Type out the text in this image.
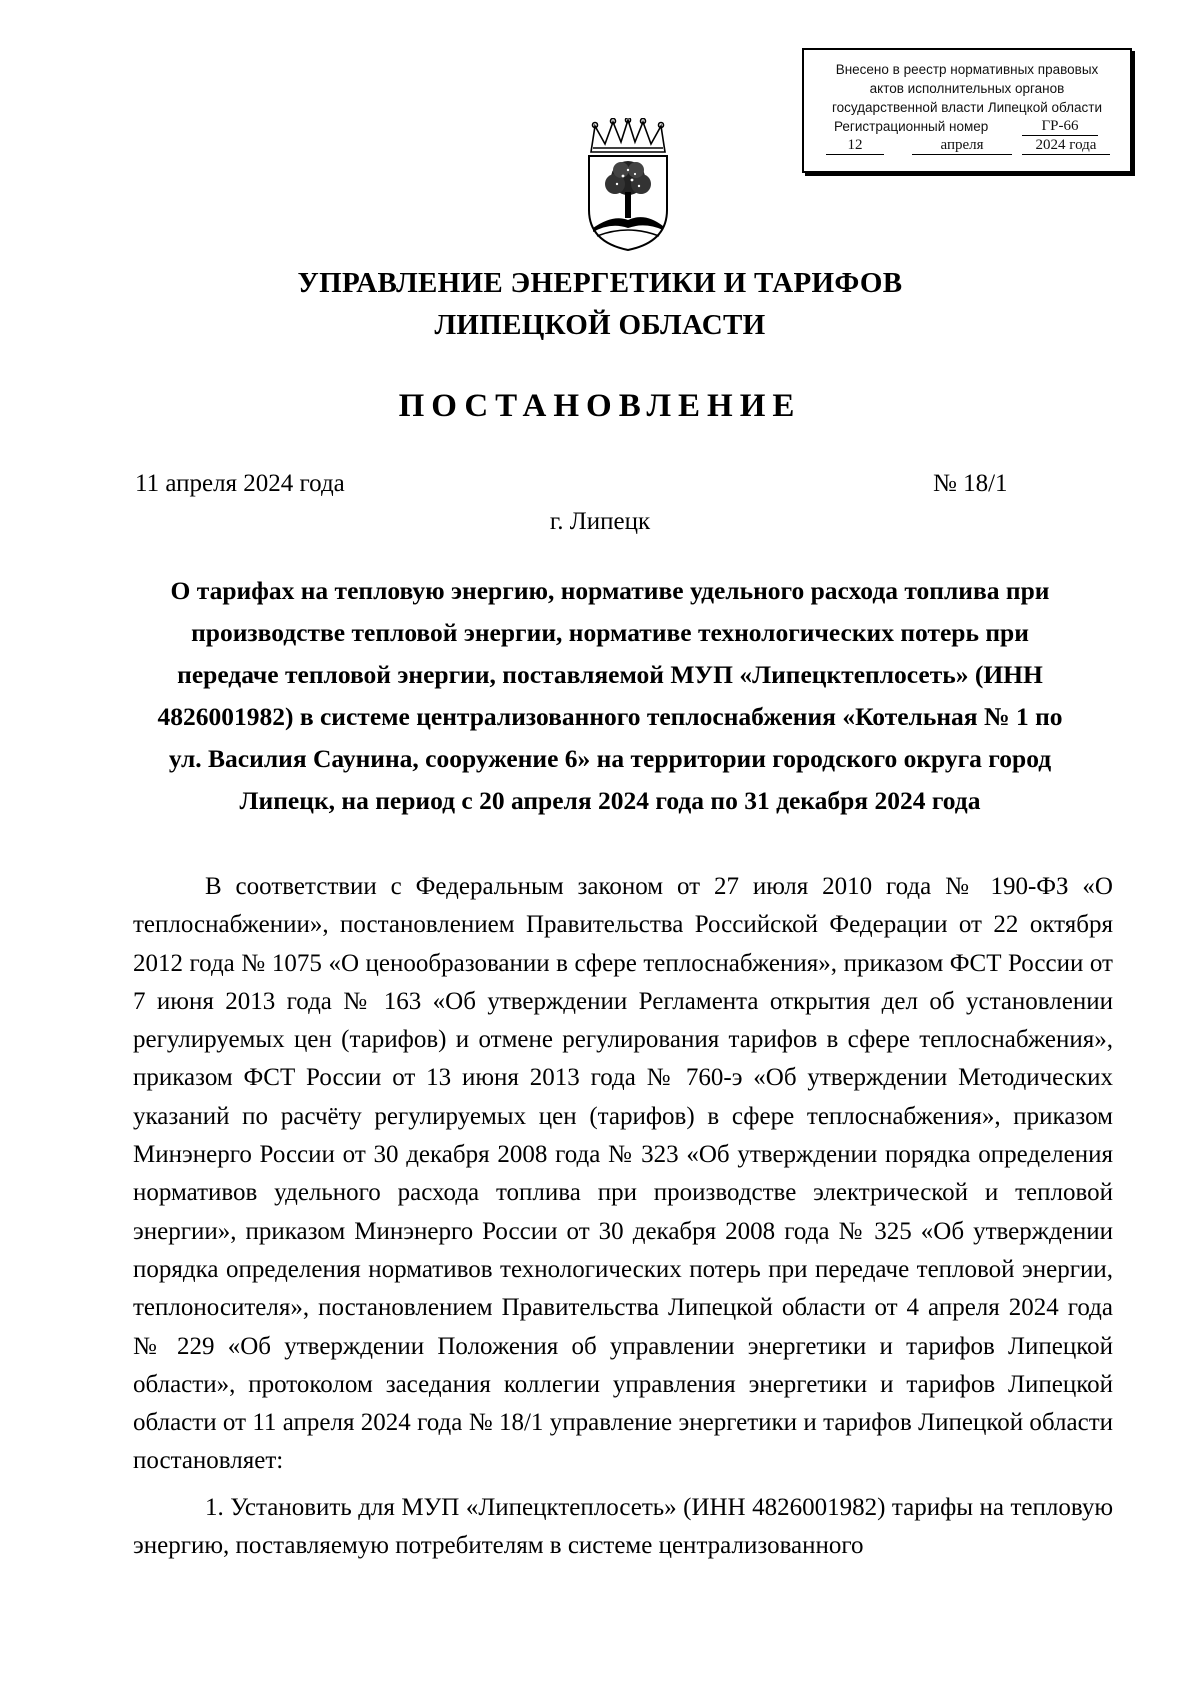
Внесено в реестр нормативных правовых
актов исполнительных органов
государственной власти Липецкой области
Регистрационный номер	ГР-66
12	апреля	2024 года
УПРАВЛЕНИЕ ЭНЕРГЕТИКИ И ТАРИФОВ
ЛИПЕЦКОЙ ОБЛАСТИ
ПОСТАНОВЛЕНИЕ
11 апреля 2024 года	№ 18/1
г. Липецк

О тарифах на тепловую энергию, нормативе удельного расхода топлива при производстве тепловой энергии, нормативе технологических потерь при передаче тепловой энергии, поставляемой МУП «Липецктеплосеть» (ИНН 4826001982) в системе централизованного теплоснабжения «Котельная № 1 по ул. Василия Саунина, сооружение 6» на территории городского округа город Липецк, на период с 20 апреля 2024 года по 31 декабря 2024 года

В соответствии с Федеральным законом от 27 июля 2010 года № 190-ФЗ «О теплоснабжении», постановлением Правительства Российской Федерации от 22 октября 2012 года № 1075 «О ценообразовании в сфере теплоснабжения», приказом ФСТ России от 7 июня 2013 года № 163 «Об утверждении Регламента открытия дел об установлении регулируемых цен (тарифов) и отмене регулирования тарифов в сфере теплоснабжения», приказом ФСТ России от 13 июня 2013 года № 760-э «Об утверждении Методических указаний по расчёту регулируемых цен (тарифов) в сфере теплоснабжения», приказом Минэнерго России от 30 декабря 2008 года № 323 «Об утверждении порядка определения нормативов удельного расхода топлива при производстве электрической и тепловой энергии», приказом Минэнерго России от 30 декабря 2008 года № 325 «Об утверждении порядка определения нормативов технологических потерь при передаче тепловой энергии, теплоносителя», постановлением Правительства Липецкой области от 4 апреля 2024 года № 229 «Об утверждении Положения об управлении энергетики и тарифов Липецкой области», протоколом заседания коллегии управления энергетики и тарифов Липецкой области от 11 апреля 2024 года № 18/1 управление энергетики и тарифов Липецкой области постановляет:

1. Установить для МУП «Липецктеплосеть» (ИНН 4826001982) тарифы на тепловую энергию, поставляемую потребителям в системе централизованного
